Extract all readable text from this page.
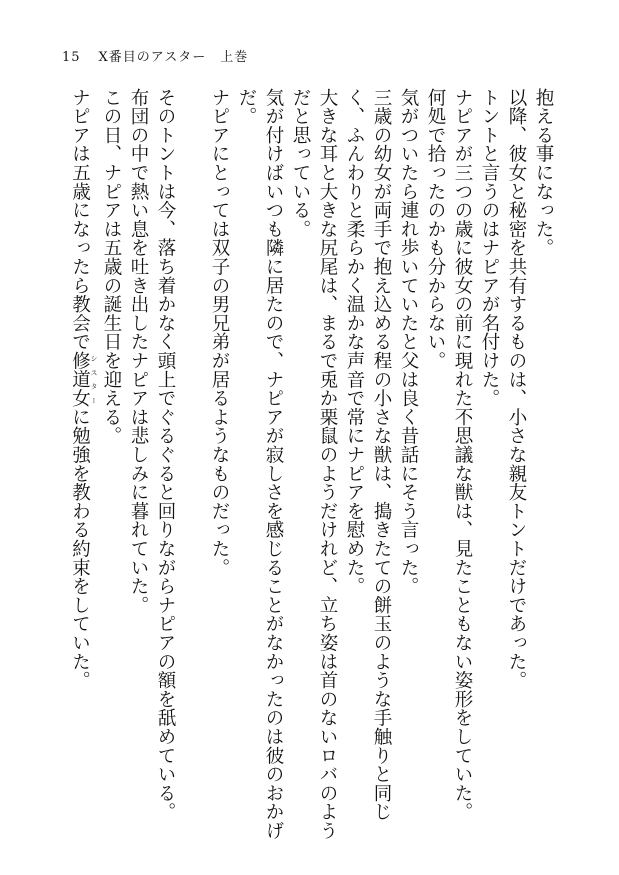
15 X番目のアスター　上巻

抱える事になった。

以降、彼女と秘密を共有するものは、小さな親友トントだけであった。

トントと言うのはナピアが名付けた。

ナピアが三つの歳に彼女の前に現れた不思議な獣は、見たこともない姿形をしていた。

何処で拾ったのかも分からない。

気がついたら連れ歩いていたと父は良く昔話にそう言った。

三歳の幼女が両手で抱え込める程の小さな獣は、搗きたての餅玉のような手触りと同じく、ふんわりと柔らかく温かな声音で常にナピアを慰めた。

大きな耳と大きな尻尾は、まるで兎か栗鼠のようだけれど、立ち姿は首のないロバのようだと思っている。

気が付けばいつも隣に居たので、ナピアが寂しさを感じることがなかったのは彼のおかげだ。

ナピアにとっては双子の男兄弟が居るようなものだった。

そのトントは今、落ち着かなく頭上でぐるぐると回りながらナピアの額を舐めている。

布団の中で熱い息を吐き出したナピアは悲しみに暮れていた。

この日、ナピアは五歳の誕生日を迎える。

ナピアは五歳になったら教会で修道女 シスターに勉強を教わる約束をしていた。
